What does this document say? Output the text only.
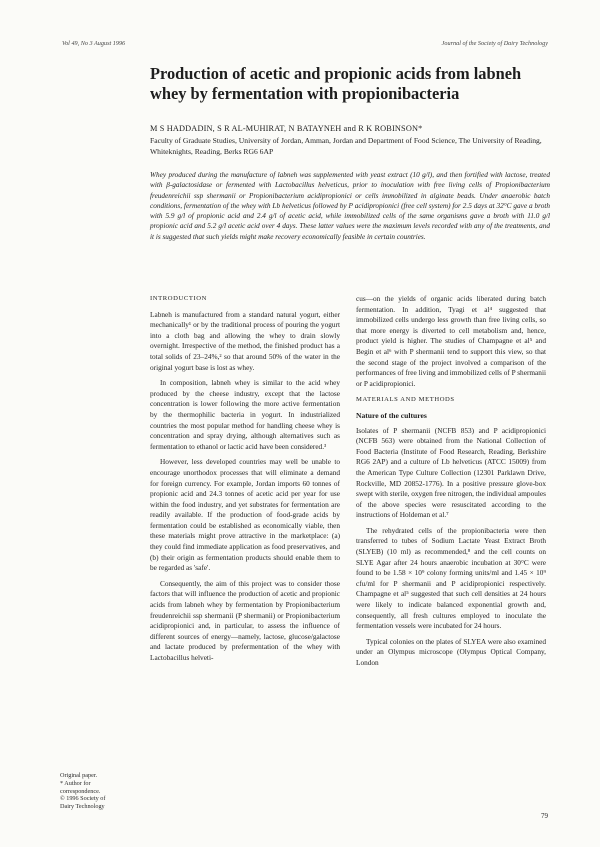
Vol 49, No 3 August 1996	Journal of the Society of Dairy Technology
Production of acetic and propionic acids from labneh whey by fermentation with propionibacteria
M S HADDADIN, S R AL-MUHIRAT, N BATAYNEH and R K ROBINSON*
Faculty of Graduate Studies, University of Jordan, Amman, Jordan and Department of Food Science, The University of Reading, Whiteknights, Reading, Berks RG6 6AP
Whey produced during the manufacture of labneh was supplemented with yeast extract (10 g/l), and then fortified with lactose, treated with β-galactosidase or fermented with Lactobacillus helveticus, prior to inoculation with free living cells of Propionibacterium freudenreichii ssp shermanii or Propionibacterium acidipropionici or cells immobilized in alginate beads. Under anaerobic batch conditions, fermentation of the whey with Lb helveticus followed by P acidipropionici (free cell system) for 2.5 days at 32°C gave a broth with 5.9 g/l of propionic acid and 2.4 g/l of acetic acid, while immobilized cells of the same organisms gave a broth with 11.0 g/l propionic acid and 5.2 g/l acetic acid over 4 days. These latter values were the maximum levels recorded with any of the treatments, and it is suggested that such yields might make recovery economically feasible in certain countries.
INTRODUCTION

Labneh is manufactured from a standard natural yogurt, either mechanically¹ or by the traditional process of pouring the yogurt into a cloth bag and allowing the whey to drain slowly overnight. Irrespective of the method, the finished product has a total solids of 23–24%,² so that around 50% of the water in the original yogurt base is lost as whey.

In composition, labneh whey is similar to the acid whey produced by the cheese industry, except that the lactose concentration is lower following the more active fermentation by the thermophilic bacteria in yogurt. In industrialized countries the most popular method for handling cheese whey is concentration and spray drying, although alternatives such as fermentation to ethanol or lactic acid have been considered.³

However, less developed countries may well be unable to encourage unorthodox processes that will eliminate a demand for foreign currency. For example, Jordan imports 60 tonnes of propionic acid and 24.3 tonnes of acetic acid per year for use within the food industry, and yet substrates for fermentation are readily available. If the production of food-grade acids by fermentation could be established as economically viable, then these materials might prove attractive in the marketplace: (a) they could find immediate application as food preservatives, and (b) their origin as fermentation products should enable them to be regarded as 'safe'.

Consequently, the aim of this project was to consider those factors that will influence the production of acetic and propionic acids from labneh whey by fermentation by Propionibacterium freudenreichii ssp shermanii (P shermanii) or Propionibacterium acidipropionici and, in particular, to assess the influence of different sources of energy—namely, lactose, glucose/galactose and lactate produced by prefermentation of the whey with Lactobacillus helveti-

cus—on the yields of organic acids liberated during batch fermentation. In addition, Tyagi et al⁴ suggested that immobilized cells undergo less growth than free living cells, so that more energy is diverted to cell metabolism and, hence, product yield is higher. The studies of Champagne et al⁵ and Begin et al⁶ with P shermanii tend to support this view, so that the second stage of the project involved a comparison of the performances of free living and immobilized cells of P shermanii or P acidipropionici.

MATERIALS AND METHODS
Nature of the cultures

Isolates of P shermanii (NCFB 853) and P acidipropionici (NCFB 563) were obtained from the National Collection of Food Bacteria (Institute of Food Research, Reading, Berkshire RG6 2AP) and a culture of Lb helveticus (ATCC 15009) from the American Type Culture Collection (12301 Parklawn Drive, Rockville, MD 20852-1776). In a positive pressure glove-box swept with sterile, oxygen free nitrogen, the individual ampoules of the above species were resuscitated according to the instructions of Holdeman et al.⁷

The rehydrated cells of the propionibacteria were then transferred to tubes of Sodium Lactate Yeast Extract Broth (SLYEB) (10 ml) as recommended,⁸ and the cell counts on SLYE Agar after 24 hours anaerobic incubation at 30°C were found to be 1.58 × 10⁹ colony forming units/ml and 1.45 × 10⁹ cfu/ml for P shermanii and P acidipropionici respectively. Champagne et al⁵ suggested that such cell densities at 24 hours were likely to indicate balanced exponential growth and, consequently, all fresh cultures employed to inoculate the fermentation vessels were incubated for 24 hours.

Typical colonies on the plates of SLYEA were also examined under an Olympus microscope (Olympus Optical Company, London

Original paper.
* Author for
correspondence.
© 1996 Society of
Dairy Technology
79
